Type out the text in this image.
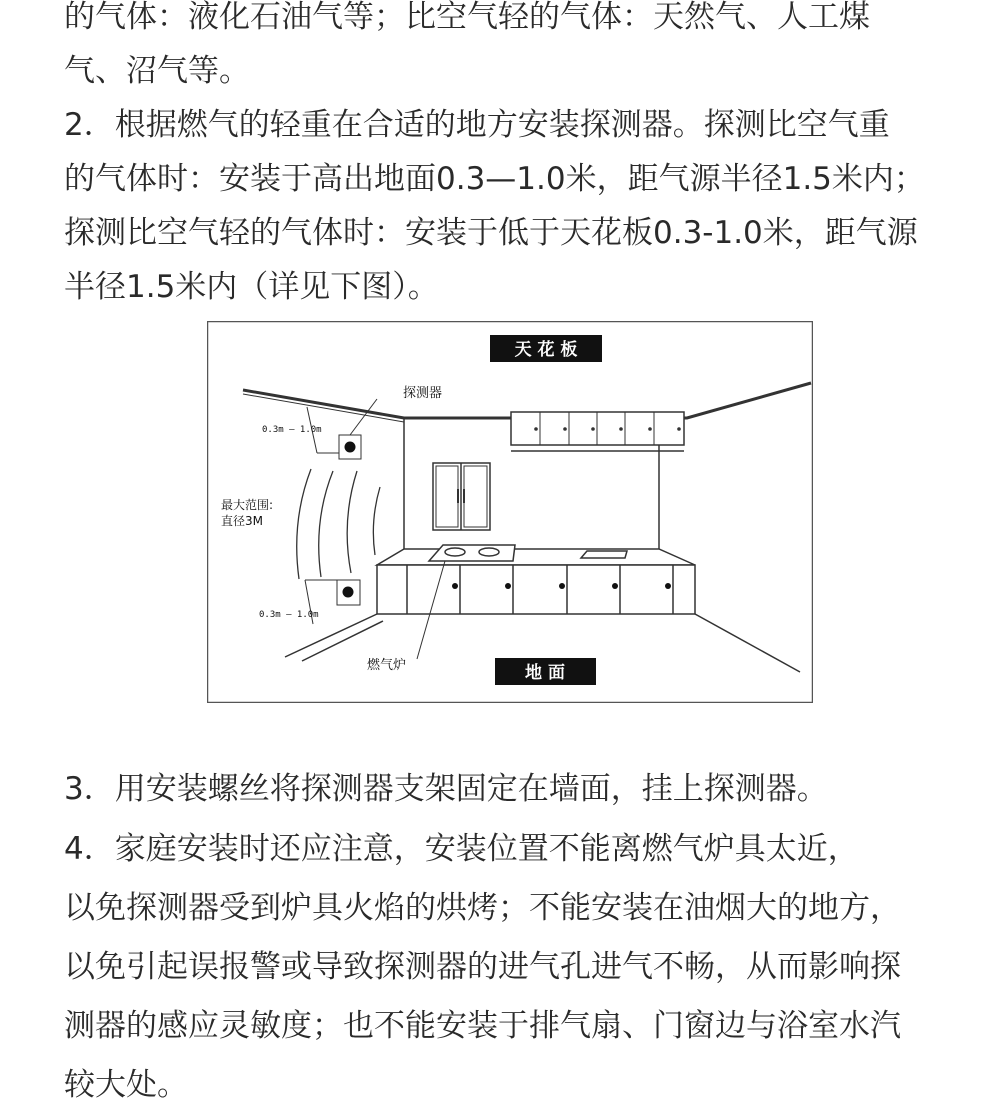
的气体：液化石油气等；比空气轻的气体：天然气、人工煤
气、沼气等。
2．根据燃气的轻重在合适的地方安装探测器。探测比空气重
的气体时：安装于高出地面0.3—1.0米，距气源半径1.5米内；
探测比空气轻的气体时：安装于低于天花板0.3-1.0米，距气源
半径1.5米内（详见下图）。
天 花 板
探测器
0.3m — 1.0m
最大范围:
直径3M
0.3m — 1.0m
燃气炉	地 面
3．用安装螺丝将探测器支架固定在墙面，挂上探测器。
4．家庭安装时还应注意，安装位置不能离燃气炉具太近，
以免探测器受到炉具火焰的烘烤；不能安装在油烟大的地方，
以免引起误报警或导致探测器的进气孔进气不畅，从而影响探
测器的感应灵敏度；也不能安装于排气扇、门窗边与浴室水汽
较大处。
